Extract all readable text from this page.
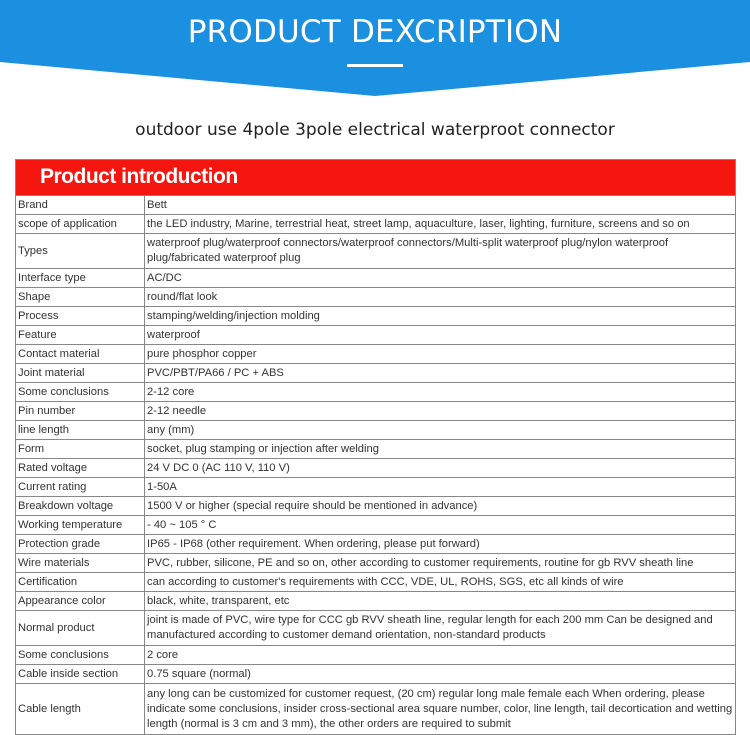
PRODUCT DEXCRIPTION
outdoor use 4pole 3pole electrical waterproot connector
Product introduction
Brand	Bett
scope of application	the LED industry, Marine, terrestrial heat, street lamp, aquaculture, laser, lighting, furniture, screens and so on
Types	waterproof plug/waterproof connectors/waterproof connectors/Multi-split waterproof plug/nylon waterproof plug/fabricated waterproof plug
Interface type	AC/DC
Shape	round/flat look
Process	stamping/welding/injection molding
Feature	waterproof
Contact material	pure phosphor copper
Joint material	PVC/PBT/PA66 / PC + ABS
Some conclusions	2-12 core
Pin number	2-12 needle
line length	any (mm)
Form	socket, plug stamping or injection after welding
Rated voltage	24 V DC 0 (AC 110 V, 110 V)
Current rating	1-50A
Breakdown voltage	1500 V or higher (special require should be mentioned in advance)
Working temperature	- 40 ~ 105 ° C
Protection grade	IP65 - IP68 (other requirement. When ordering, please put forward)
Wire materials	PVC, rubber, silicone, PE and so on, other according to customer requirements, routine for gb RVV sheath line
Certification	can according to customer's requirements with CCC, VDE, UL, ROHS, SGS, etc all kinds of wire
Appearance color	black, white, transparent, etc
Normal product	joint is made of PVC, wire type for CCC gb RVV sheath line, regular length for each 200 mm Can be designed and manufactured according to customer demand orientation, non-standard products
Some conclusions	2 core
Cable inside section	0.75 square (normal)
Cable length	any long can be customized for customer request, (20 cm) regular long male female each When ordering, please indicate some conclusions, insider cross-sectional area square number, color, line length, tail decortication and wetting length (normal is 3 cm and 3 mm), the other orders are required to submit
